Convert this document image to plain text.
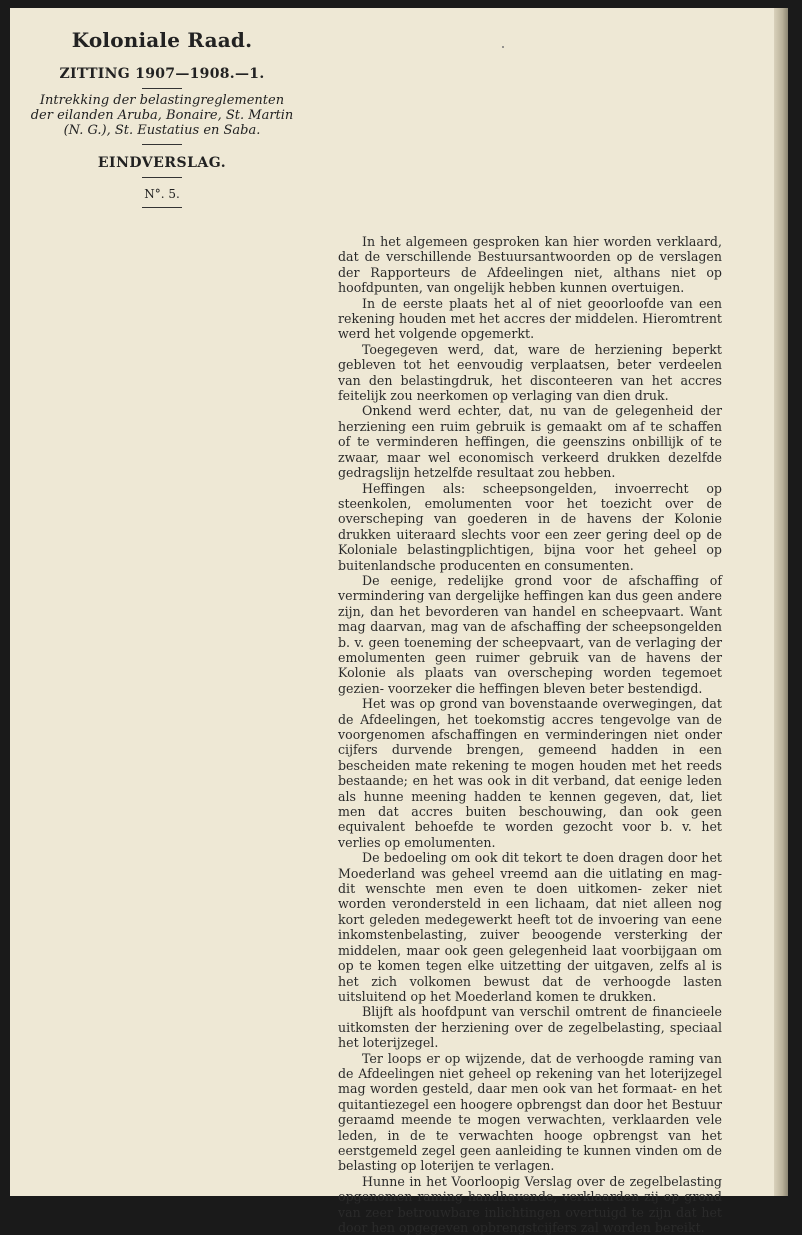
Koloniale Raad.
ZITTING 1907—1908.—1.
Intrekking der belastingreglementen der eilanden Aruba, Bonaire, St. Martin (N. G.), St. Eustatius en Saba.
EINDVERSLAG.
N°. 5.

In het algemeen gesproken kan hier worden verklaard, dat de verschillende Bestuursantwoorden op de verslagen der Rapporteurs de Afdeelingen niet, althans niet op hoofdpunten, van ongelijk hebben kunnen overtuigen.

In de eerste plaats het al of niet geoorloofde van een rekening houden met het accres der middelen. Hieromtrent werd het volgende opgemerkt.

Toegegeven werd, dat, ware de herziening beperkt gebleven tot het eenvoudig verplaatsen, beter verdeelen van den belastingdruk, het disconteeren van het accres feitelijk zou neerkomen op verlaging van dien druk.

Onkend werd echter, dat, nu van de gelegenheid der herziening een ruim gebruik is gemaakt om af te schaffen of te verminderen heffingen, die geenszins onbillijk of te zwaar, maar wel economisch verkeerd drukken dezelfde gedragslijn hetzelfde resultaat zou hebben.

Heffingen als: scheepsongelden, invoerrecht op steenkolen, emolumenten voor het toezicht over de overscheping van goederen in de havens der Kolonie drukken uiteraard slechts voor een zeer gering deel op de Koloniale belastingplichtigen, bijna voor het geheel op buitenlandsche producenten en consumenten.

De eenige, redelijke grond voor de afschaffing of vermindering van dergelijke heffingen kan dus geen andere zijn, dan het bevorderen van handel en scheepvaart. Want mag daarvan, mag van de afschaffing der scheepsongelden b. v. geen toeneming der scheepvaart, van de verlaging der emolumenten geen ruimer gebruik van de havens der Kolonie als plaats van overscheping worden tegemoet gezien- voorzeker die heffingen bleven beter bestendigd.

Het was op grond van bovenstaande overwegingen, dat de Afdeelingen, het toekomstig accres tengevolge van de voorgenomen afschaffingen en verminderingen niet onder cijfers durvende brengen, gemeend hadden in een bescheiden mate rekening te mogen houden met het reeds bestaande; en het was ook in dit verband, dat eenige leden als hunne meening hadden te kennen gegeven, dat, liet men dat accres buiten beschouwing, dan ook geen equivalent behoefde te worden gezocht voor b. v. het verlies op emolumenten.

De bedoeling om ook dit tekort te doen dragen door het Moederland was geheel vreemd aan die uitlating en mag- dit wenschte men even te doen uitkomen- zeker niet worden verondersteld in een lichaam, dat niet alleen nog kort geleden medegewerkt heeft tot de invoering van eene inkomstenbelasting, zuiver beoogende versterking der middelen, maar ook geen gelegenheid laat voorbijgaan om op te komen tegen elke uitzetting der uitgaven, zelfs al is het zich volkomen bewust dat de verhoogde lasten uitsluitend op het Moederland komen te drukken.

Blijft als hoofdpunt van verschil omtrent de financieele uitkomsten der herziening over de zegelbelasting, speciaal het loterijzegel.

Ter loops er op wijzende, dat de verhoogde raming van de Afdeelingen niet geheel op rekening van het loterijzegel mag worden gesteld, daar men ook van het formaat- en het quitantiezegel een hoogere opbrengst dan door het Bestuur geraamd meende te mogen verwachten, verklaarden vele leden, in de te verwachten hooge opbrengst van het eerstgemeld zegel geen aanleiding te kunnen vinden om de belasting op loterijen te verlagen.

Hunne in het Voorloopig Verslag over de zegelbelasting opgenomen raming handhavende, verklaarden zij op grond van zeer betrouwbare inlichtingen overtuigd te zijn dat het door hen opgegeven opbrengstcijfers zal worden bereikt.
